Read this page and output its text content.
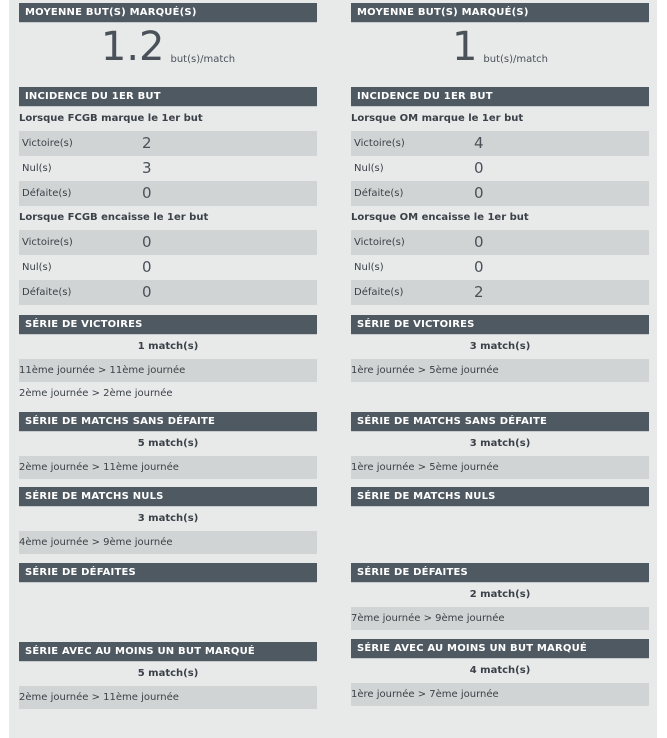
MOYENNE BUT(S) MARQUÉ(S)
1.2 but(s)/match
INCIDENCE DU 1ER BUT
Lorsque FCGB marque le 1er but
Victoire(s)	2
Nul(s)	3
Défaite(s)	0
Lorsque FCGB encaisse le 1er but
Victoire(s)	0
Nul(s)	0
Défaite(s)	0
SÉRIE DE VICTOIRES
1 match(s)
11ème journée > 11ème journée
2ème journée > 2ème journée
SÉRIE DE MATCHS SANS DÉFAITE
5 match(s)
2ème journée > 11ème journée
SÉRIE DE MATCHS NULS
3 match(s)
4ème journée > 9ème journée
SÉRIE DE DÉFAITES
SÉRIE AVEC AU MOINS UN BUT MARQUÉ
5 match(s)
2ème journée > 11ème journée
MOYENNE BUT(S) MARQUÉ(S)
1 but(s)/match
INCIDENCE DU 1ER BUT
Lorsque OM marque le 1er but
Victoire(s)	4
Nul(s)	0
Défaite(s)	0
Lorsque OM encaisse le 1er but
Victoire(s)	0
Nul(s)	0
Défaite(s)	2
SÉRIE DE VICTOIRES
3 match(s)
1ère journée > 5ème journée
SÉRIE DE MATCHS SANS DÉFAITE
3 match(s)
1ère journée > 5ème journée
SÉRIE DE MATCHS NULS
SÉRIE DE DÉFAITES
2 match(s)
7ème journée > 9ème journée
SÉRIE AVEC AU MOINS UN BUT MARQUÉ
4 match(s)
1ère journée > 7ème journée
